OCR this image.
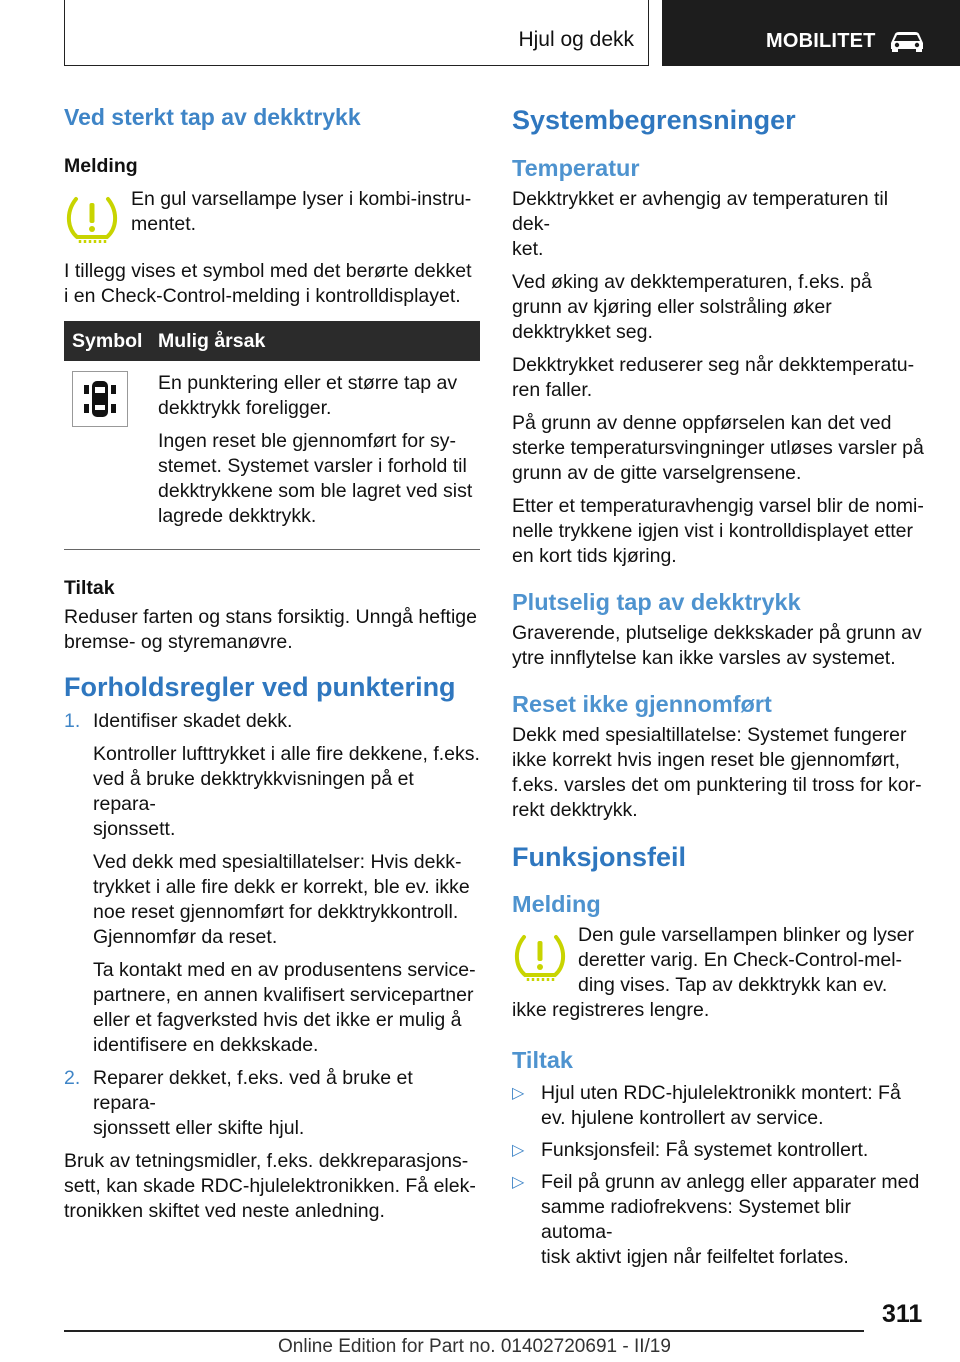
Hjul og dekk	MOBILITET
Ved sterkt tap av dekktrykk
Melding
En gul varsellampe lyser i kombi-instru-
mentet.
I tillegg vises et symbol med det berørte dekket i en Check-Control-melding i kontrolldisplayet.
Symbol	Mulig årsak

En punktering eller et større tap av dekktrykk foreligger.
Ingen reset ble gjennomført for sy-
stemet. Systemet varsler i forhold til dekktrykkene som ble lagret ved sist lagrede dekktrykk.
Tiltak
Reduser farten og stans forsiktig. Unngå heftige bremse- og styremanøvre.
Forholdsregler ved punktering
1. Identifiser skadet dekk.
Kontroller lufttrykket i alle fire dekkene, f.eks. ved å bruke dekktrykkvisningen på et repara-
sjonssett.
Ved dekk med spesialtillatelser: Hvis dekk-
trykket i alle fire dekk er korrekt, ble ev. ikke noe reset gjennomført for dekktrykkontroll. Gjennomfør da reset.
Ta kontakt med en av produsentens service-
partnere, en annen kvalifisert servicepartner eller et fagverksted hvis det ikke er mulig å identifisere en dekkskade.
2. Reparer dekket, f.eks. ved å bruke et repara-
sjonssett eller skifte hjul.
Bruk av tetningsmidler, f.eks. dekkreparasjons-
sett, kan skade RDC-hjulelektronikken. Få elek-
tronikken skiftet ved neste anledning.
Systembegrensninger
Temperatur
Dekktrykket er avhengig av temperaturen til dek-
ket.
Ved øking av dekktemperaturen, f.eks. på grunn av kjøring eller solstråling øker dekktrykket seg.
Dekktrykket reduserer seg når dekktemperatu-
ren faller.
På grunn av denne oppførselen kan det ved sterke temperatursvingninger utløses varsler på grunn av de gitte varselgrensene.
Etter et temperaturavhengig varsel blir de nomi-
nelle trykkene igjen vist i kontrolldisplayet etter en kort tids kjøring.
Plutselig tap av dekktrykk
Graverende, plutselige dekkskader på grunn av ytre innflytelse kan ikke varsles av systemet.
Reset ikke gjennomført
Dekk med spesialtillatelse: Systemet fungerer ikke korrekt hvis ingen reset ble gjennomført, f.eks. varsles det om punktering til tross for kor-
rekt dekktrykk.
Funksjonsfeil
Melding
Den gule varsellampen blinker og lyser deretter varig. En Check-Control-mel-
ding vises. Tap av dekktrykk kan ev. ikke registreres lengre.
Tiltak
▷ Hjul uten RDC-hjulelektronikk montert: Få ev. hjulene kontrollert av service.
▷ Funksjonsfeil: Få systemet kontrollert.
▷ Feil på grunn av anlegg eller apparater med samme radiofrekvens: Systemet blir automa-
tisk aktivt igjen når feilfeltet forlates.
311
Online Edition for Part no. 01402720691 - II/19
